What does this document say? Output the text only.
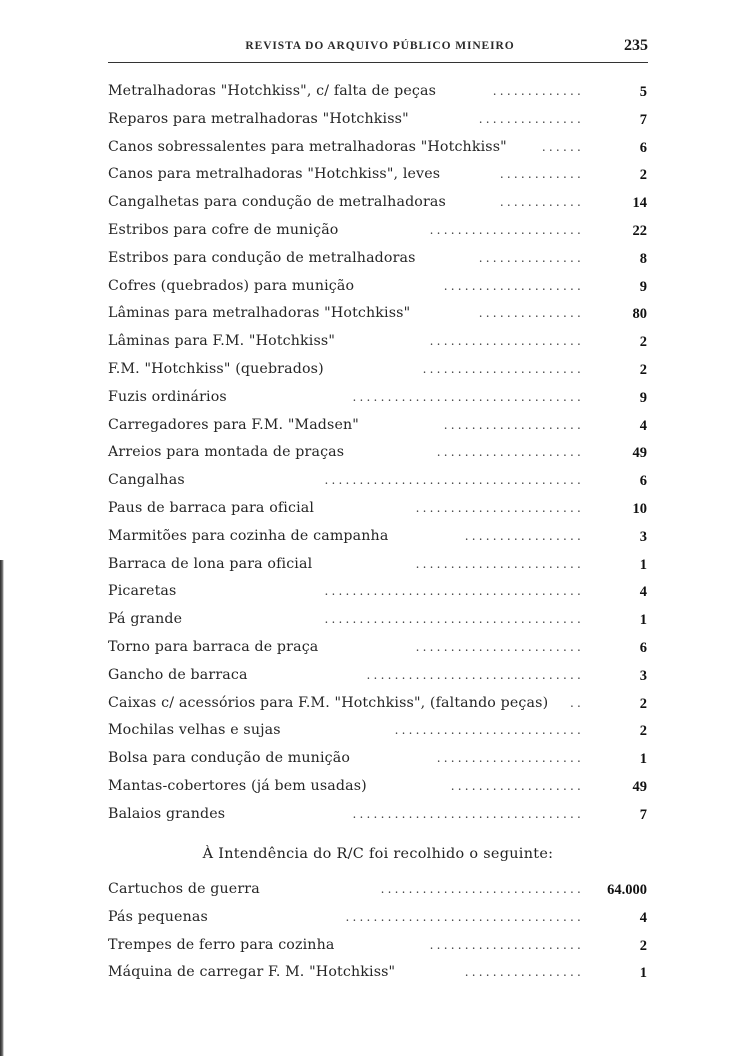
REVISTA DO ARQUIVO PÚBLICO MINEIRO	235
Metralhadoras "Hotchkiss", c/ falta de peças	.............	5
Reparos para metralhadoras "Hotchkiss"	...............	7
Canos sobressalentes para metralhadoras "Hotchkiss"	......	6
Canos para metralhadoras "Hotchkiss", leves	............	2
Cangalhetas para condução de metralhadoras	............	14
Estribos para cofre de munição	......................	22
Estribos para condução de metralhadoras	...............	8
Cofres (quebrados) para munição	....................	9
Lâminas para metralhadoras "Hotchkiss"	...............	80
Lâminas para F.M. "Hotchkiss"	......................	2
F.M. "Hotchkiss" (quebrados)	.......................	2
Fuzis ordinários	.................................	9
Carregadores para F.M. "Madsen"	....................	4
Arreios para montada de praças	.....................	49
Cangalhas	.....................................	6
Paus de barraca para oficial	........................	10
Marmitões para cozinha de campanha	.................	3
Barraca de lona para oficial	........................	1
Picaretas	.....................................	4
Pá grande	.....................................	1
Torno para barraca de praça	........................	6
Gancho de barraca	...............................	3
Caixas c/ acessórios para F.M. "Hotchkiss", (faltando peças) ..	2
Mochilas velhas e sujas	...........................	2
Bolsa para condução de munição	.....................	1
Mantas-cobertores (já bem usadas)	...................	49
Balaios grandes	.................................	7
À Intendência do R/C foi recolhido o seguinte:
Cartuchos de guerra	............................. 64.000
Pás pequenas	..................................	4
Trempes de ferro para cozinha	......................	2
Máquina de carregar F. M. "Hotchkiss"	.................	1
